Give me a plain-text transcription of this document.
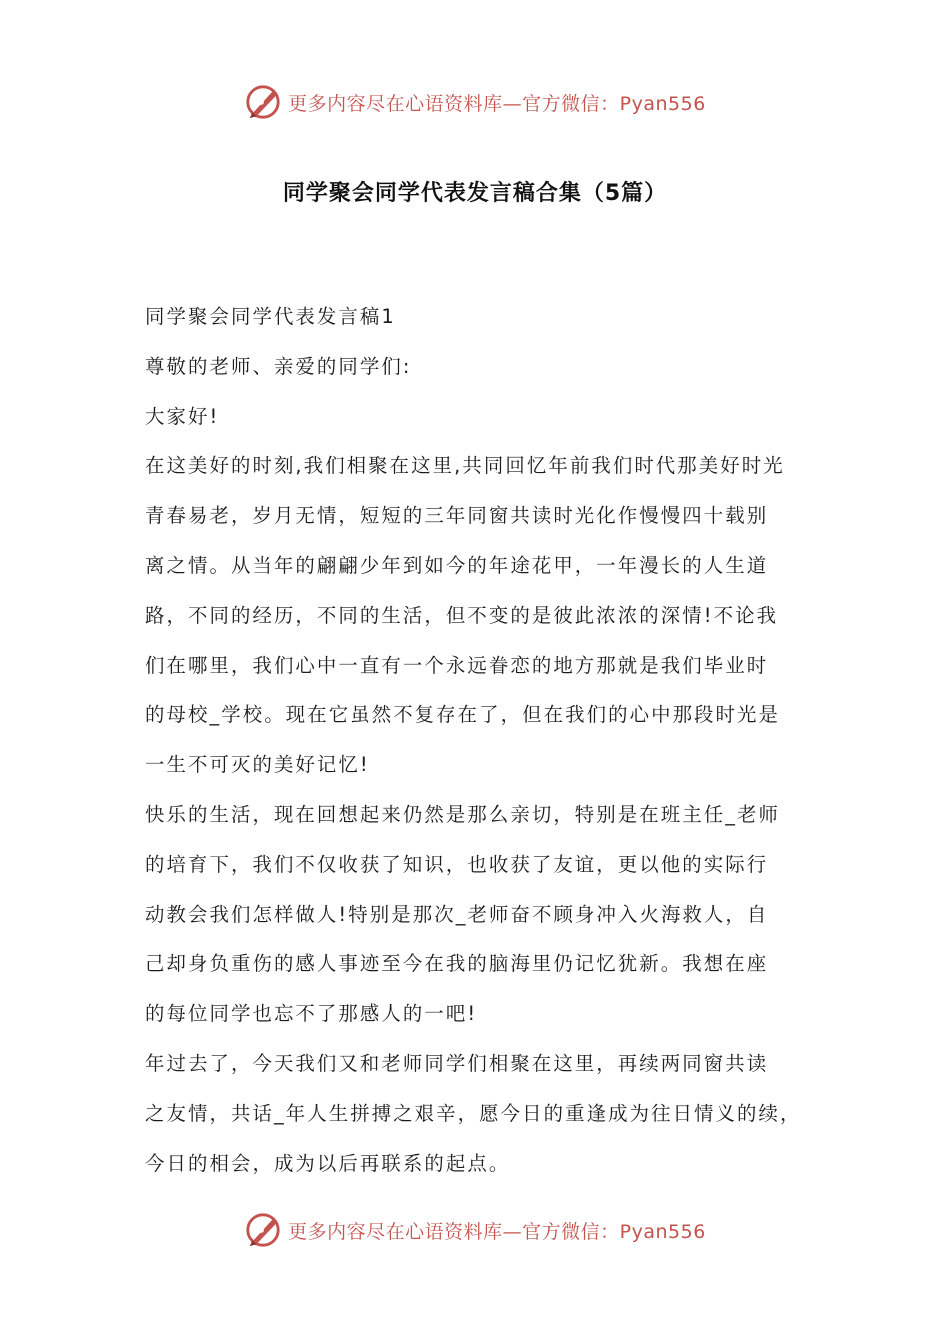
更多内容尽在心语资料库—官方微信：Pyan556
同学聚会同学代表发言稿合集（5篇）
同学聚会同学代表发言稿1
尊敬的老师、亲爱的同学们:
大家好!
在这美好的时刻,我们相聚在这里,共同回忆年前我们时代那美好时光
青春易老，岁月无情，短短的三年同窗共读时光化作慢慢四十载别
离之情。从当年的翩翩少年到如今的年途花甲，一年漫长的人生道
路，不同的经历，不同的生活，但不变的是彼此浓浓的深情!不论我
们在哪里，我们心中一直有一个永远眷恋的地方那就是我们毕业时
的母校_学校。现在它虽然不复存在了，但在我们的心中那段时光是
一生不可灭的美好记忆!
快乐的生活，现在回想起来仍然是那么亲切，特别是在班主任_老师
的培育下，我们不仅收获了知识，也收获了友谊，更以他的实际行
动教会我们怎样做人!特别是那次_老师奋不顾身冲入火海救人，自
己却身负重伤的感人事迹至今在我的脑海里仍记忆犹新。我想在座
的每位同学也忘不了那感人的一吧!
年过去了，今天我们又和老师同学们相聚在这里，再续两同窗共读
之友情，共话_年人生拼搏之艰辛，愿今日的重逢成为往日情义的续，
今日的相会，成为以后再联系的起点。
更多内容尽在心语资料库—官方微信：Pyan556
